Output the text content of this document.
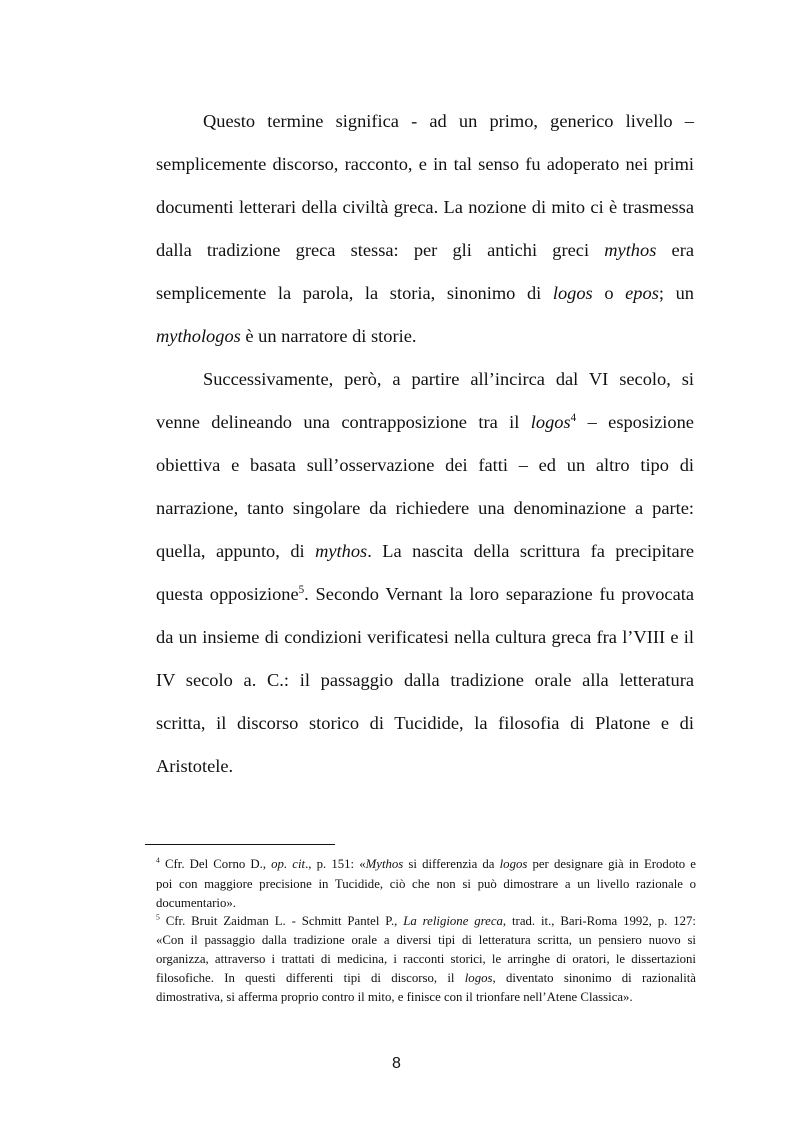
Questo termine significa - ad un primo, generico livello –
semplicemente discorso, racconto, e in tal senso fu adoperato nei primi
documenti letterari della civiltà greca. La nozione di mito ci è trasmessa
dalla tradizione greca stessa: per gli antichi greci mythos era
semplicemente la parola, la storia, sinonimo di logos o epos; un
mythologos è un narratore di storie.
Successivamente, però, a partire all’incirca dal VI secolo, si
venne delineando una contrapposizione tra il logos$^4$ – esposizione
obiettiva e basata sull’osservazione dei fatti – ed un altro tipo di
narrazione, tanto singolare da richiedere una denominazione a parte:
quella, appunto, di mythos. La nascita della scrittura fa precipitare
questa opposizione$^5$. Secondo Vernant la loro separazione fu provocata
da un insieme di condizioni verificatesi nella cultura greca fra l’VIII e il
IV secolo a. C.: il passaggio dalla tradizione orale alla letteratura
scritta, il discorso storico di Tucidide, la filosofia di Platone e di
Aristotele.
$^4$ Cfr. Del Corno D., op. cit., p. 151: «Mythos si differenzia da logos per designare già in Erodoto e
poi con maggiore precisione in Tucidide, ciò che non si può dimostrare a un livello razionale o
documentario».
$^5$ Cfr. Bruit Zaidman L. - Schmitt Pantel P., La religione greca, trad. it., Bari-Roma 1992, p. 127:
«Con il passaggio dalla tradizione orale a diversi tipi di letteratura scritta, un pensiero nuovo si
organizza, attraverso i trattati di medicina, i racconti storici, le arringhe di oratori, le dissertazioni
filosofiche. In questi differenti tipi di discorso, il logos, diventato sinonimo di razionalità
dimostrativa, si afferma proprio contro il mito, e finisce con il trionfare nell’Atene Classica».
8
